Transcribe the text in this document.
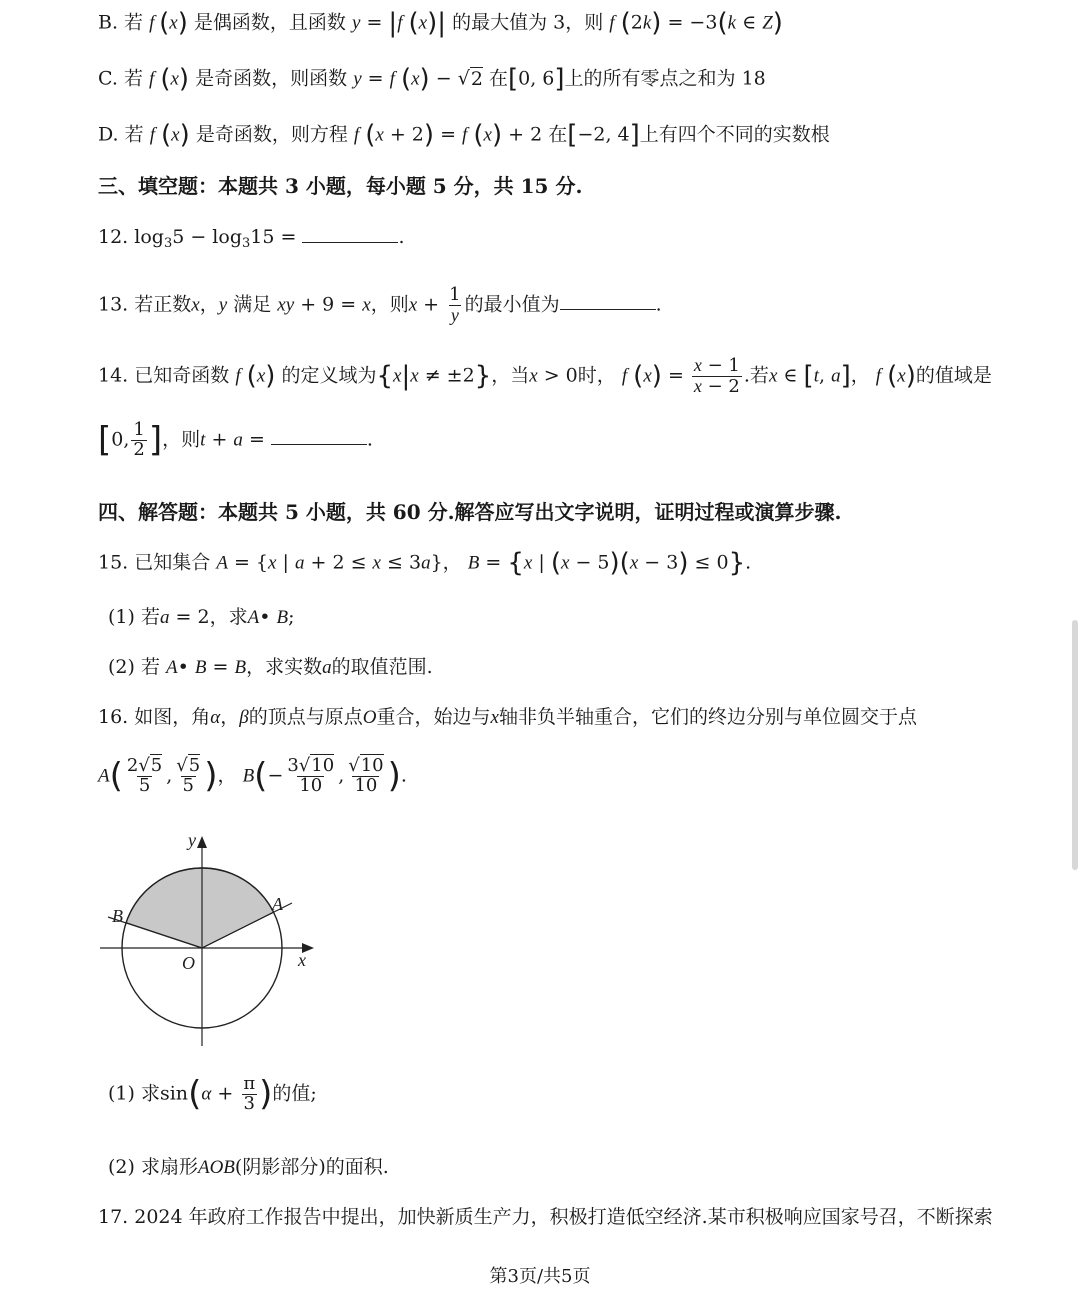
B. 若 f (x) 是偶函数，且函数 y = |f (x)| 的最大值为 3，则 f (2k) = −3(k ∈ Z)
C. 若 f (x) 是奇函数，则函数 y = f (x) − √2 在[0, 6]上的所有零点之和为 18
D. 若 f (x) 是奇函数，则方程 f (x + 2) = f (x) + 2 在[−2, 4]上有四个不同的实数根
三、填空题：本题共 3 小题，每小题 5 分，共 15 分.
12. $\log_35 - \log_315$ =	.
13. 若正数x，y 满足 xy + 9 = x，则$x + \frac{1}{y}$ 的最小值为	.
14. 已知奇函数 f (x) 的定义域为{x|x ≠ ±2}，当x > 0时， f $(x) = \frac{x - 1}{x - 2}$ .若x ∈ [t, a]， f (x)的值域是
[0, $\frac{1}{2}$ ]，则t + a =	.
四、解答题：本题共 5 小题，共 60 分.解答应写出文字说明，证明过程或演算步骤.
15. 已知集合 A = {x | a + 2 ≤ x ≤ 3a}， B = {x | (x − 5)(x − 3) ≤ 0}.
(1) 若a = 2，求A• B;
(2) 若 A• B = B，求实数a的取值范围.
16. 如图，角α，β的顶点与原点O重合，始边与x轴非负半轴重合，它们的终边分别与单位圆交于点
$A( \frac{2√5}{5}$ , $\frac{√5}{5}$ )， $B(- \frac{3√10}{10}$ , $\frac{√10}{10}$ ).
y
x
O
A
B
(1) 求$\sin(\alpha + \frac{\pi}{3}$ )的值;
(2) 求扇形AOB(阴影部分)的面积.
17. 2024 年政府工作报告中提出，加快新质生产力，积极打造低空经济.某市积极响应国家号召，不断探索
第3页/共5页
